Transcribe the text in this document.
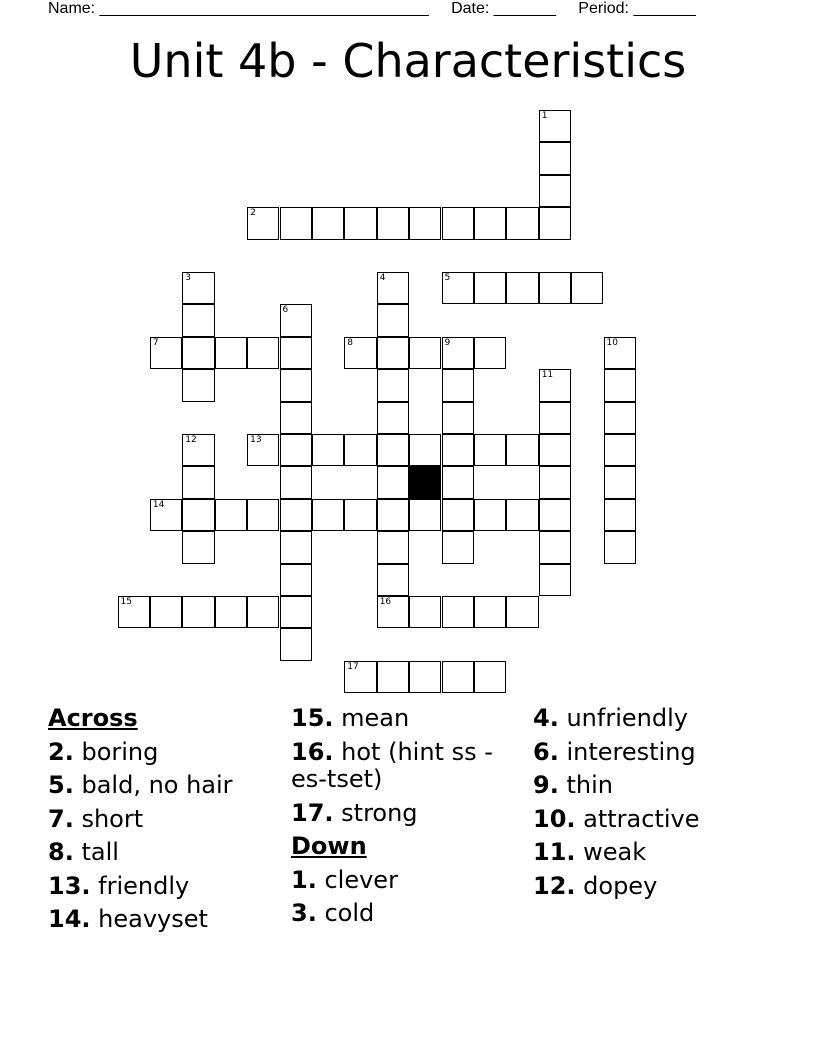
Name: _____________________________________ Date: _______ Period: _______
Unit 4b - Characteristics
2
5
7	8	9
13
14
15	16
17
1
3	4
6
10
11
12
Across
2. boring
5. bald, no hair
7. short
8. tall
13. friendly
14. heavyset
15. mean
16. hot (hint ss -
es-tset)
17. strong
Down
1. clever
3. cold
4. unfriendly
6. interesting
9. thin
10. attractive
11. weak
12. dopey
